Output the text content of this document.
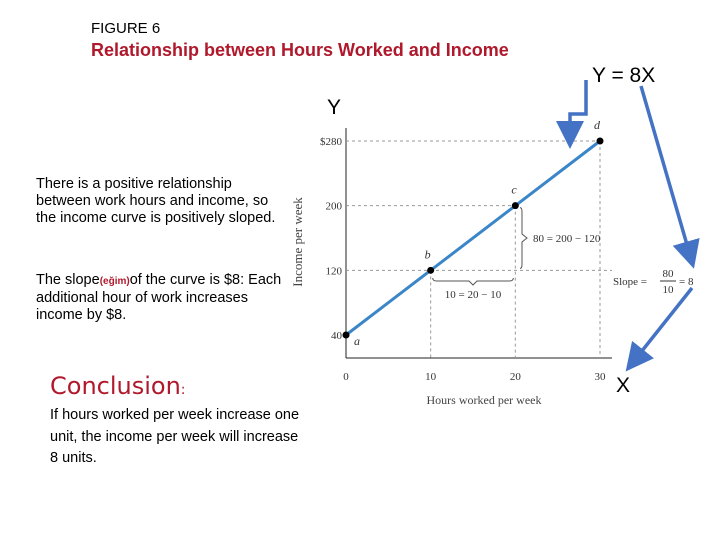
FIGURE 6
Relationship between Hours Worked and Income
Y = 8X
Y
X
There is a positive relationship between work hours and income, so the income curve is positively sloped.
The slope(eğim)of the curve is $8: Each additional hour of work increases income by $8.
Conclusion:
If hours worked per week increase one unit, the income per week will increase 8 units.
Income per week
Hours worked per week
a
b
c
d
40
120
200
$280
0	10	20	30
80 = 200 − 120
10 = 20 − 10
Slope =
80
10
= 8
